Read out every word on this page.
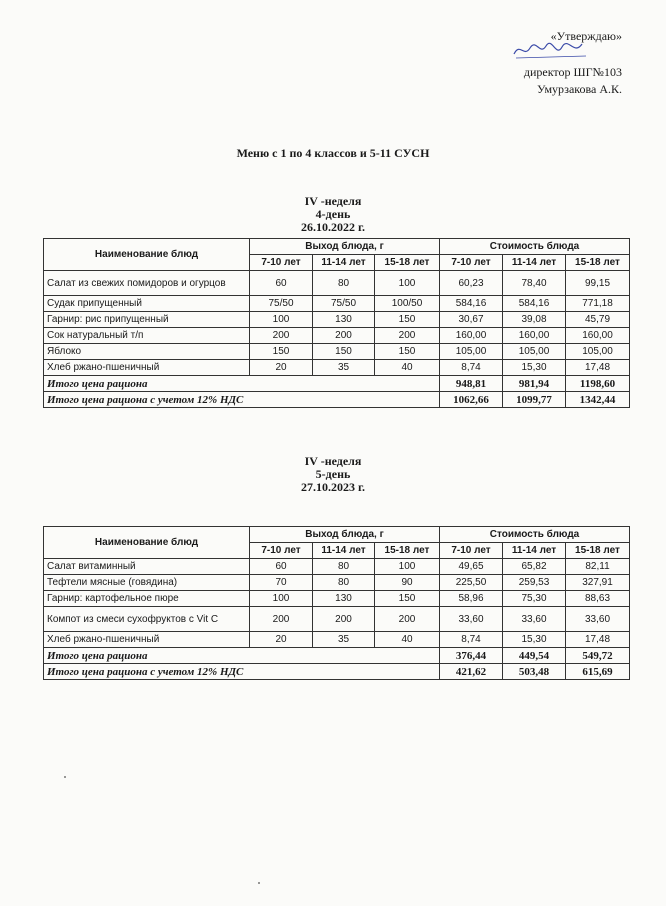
«Утверждаю»
директор ШГ№103
Умурзакова А.К.
Меню с 1 по 4 классов и 5-11 СУСН
IV -неделя
4-день
26.10.2022 г.
Наименование блюд	Выход блюда, г			Стоимость блюда		
	7-10 лет	11-14 лет	15-18 лет	7-10 лет	11-14 лет	15-18 лет
Салат из свежих помидоров и огурцов	60	80	100	60,23	78,40	99,15
Судак припущенный	75/50	75/50	100/50	584,16	584,16	771,18
Гарнир: рис припущенный	100	130	150	30,67	39,08	45,79
Сок натуральный т/п	200	200	200	160,00	160,00	160,00
Яблоко	150	150	150	105,00	105,00	105,00
Хлеб ржано-пшеничный	20	35	40	8,74	15,30	17,48
Итого цена рациона				948,81	981,94	1198,60
Итого цена рациона с учетом 12% НДС				1062,66	1099,77	1342,44
IV -неделя
5-день
27.10.2023 г.
Наименование блюд	Выход блюда, г			Стоимость блюда		
	7-10 лет	11-14 лет	15-18 лет	7-10 лет	11-14 лет	15-18 лет
Салат витаминный	60	80	100	49,65	65,82	82,11
Тефтели мясные (говядина)	70	80	90	225,50	259,53	327,91
Гарнир: картофельное пюре	100	130	150	58,96	75,30	88,63
Компот из смеси сухофруктов с Vit C	200	200	200	33,60	33,60	33,60
Хлеб ржано-пшеничный	20	35	40	8,74	15,30	17,48
Итого цена рациона				376,44	449,54	549,72
Итого цена рациона с учетом 12% НДС				421,62	503,48	615,69
